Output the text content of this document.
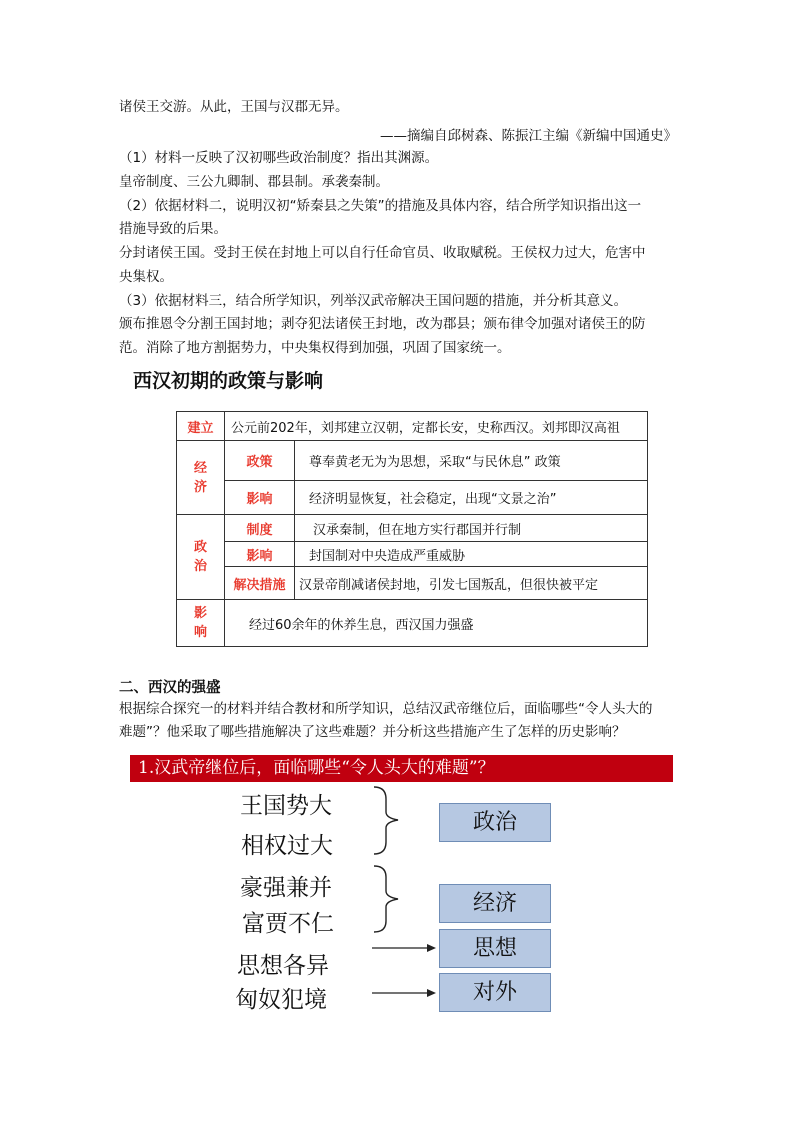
诸侯王交游。从此，王国与汉郡无异。
——摘编自邱树森、陈振江主编《新编中国通史》
（1）材料一反映了汉初哪些政治制度？指出其渊源。
皇帝制度、三公九卿制、郡县制。承袭秦制。
（2）依据材料二，说明汉初“矫秦县之失策”的措施及具体内容，结合所学知识指出这一
措施导致的后果。
分封诸侯王国。受封王侯在封地上可以自行任命官员、收取赋税。王侯权力过大，危害中
央集权。
（3）依据材料三，结合所学知识，列举汉武帝解决王国问题的措施，并分析其意义。
颁布推恩令分割王国封地；剥夺犯法诸侯王封地，改为郡县；颁布律令加强对诸侯王的防
范。消除了地方割据势力，中央集权得到加强，巩固了国家统一。
西汉初期的政策与影响
建立	公元前202年，刘邦建立汉朝，定都长安，史称西汉。刘邦即汉高祖	
经济	政策	尊奉黄老无为为思想，采取“与民休息” 政策
	影响	经济明显恢复，社会稳定，出现“文景之治”
政治	制度	汉承秦制，但在地方实行郡国并行制
	影响	封国制对中央造成严重威胁
	解决措施	汉景帝削减诸侯封地，引发七国叛乱，但很快被平定
影响	经过60余年的休养生息，西汉国力强盛	
二、西汉的强盛
根据综合探究一的材料并结合教材和所学知识，总结汉武帝继位后，面临哪些“令人头大的
难题”？他采取了哪些措施解决了这些难题？并分析这些措施产生了怎样的历史影响？
1.汉武帝继位后，面临哪些“令人头大的难题”？
王国势大
相权过大
豪强兼并
富贾不仁
思想各异
匈奴犯境
政治
经济
思想
对外
